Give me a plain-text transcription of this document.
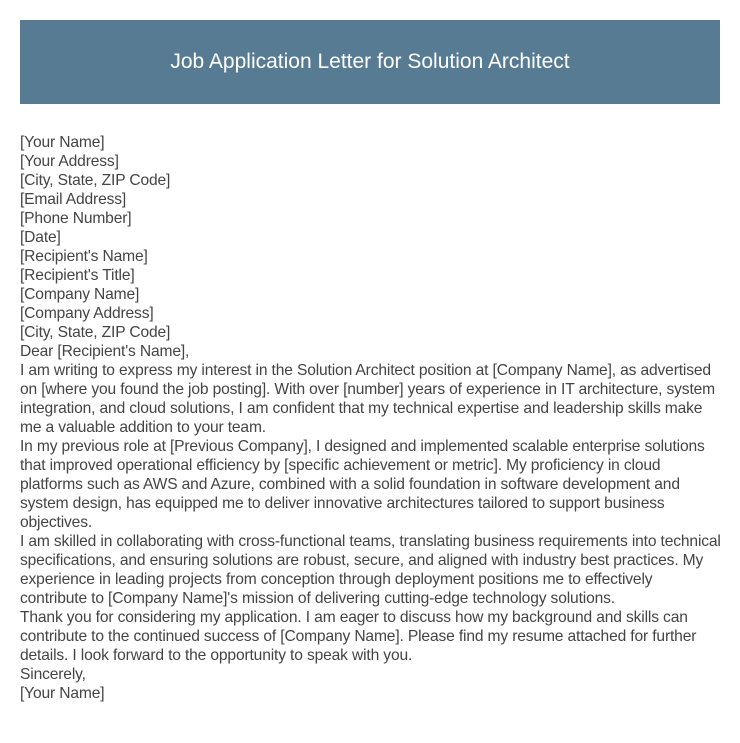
Job Application Letter for Solution Architect
[Your Name]
[Your Address]
[City, State, ZIP Code]
[Email Address]
[Phone Number]
[Date]
[Recipient's Name]
[Recipient's Title]
[Company Name]
[Company Address]
[City, State, ZIP Code]
Dear [Recipient's Name],

I am writing to express my interest in the Solution Architect position at [Company Name], as advertised on [where you found the job posting]. With over [number] years of experience in IT architecture, system integration, and cloud solutions, I am confident that my technical expertise and leadership skills make me a valuable addition to your team.

In my previous role at [Previous Company], I designed and implemented scalable enterprise solutions that improved operational efficiency by [specific achievement or metric]. My proficiency in cloud platforms such as AWS and Azure, combined with a solid foundation in software development and system design, has equipped me to deliver innovative architectures tailored to support business objectives.

I am skilled in collaborating with cross-functional teams, translating business requirements into technical specifications, and ensuring solutions are robust, secure, and aligned with industry best practices. My experience in leading projects from conception through deployment positions me to effectively contribute to [Company Name]'s mission of delivering cutting-edge technology solutions.

Thank you for considering my application. I am eager to discuss how my background and skills can contribute to the continued success of [Company Name]. Please find my resume attached for further details. I look forward to the opportunity to speak with you.

Sincerely,
[Your Name]
